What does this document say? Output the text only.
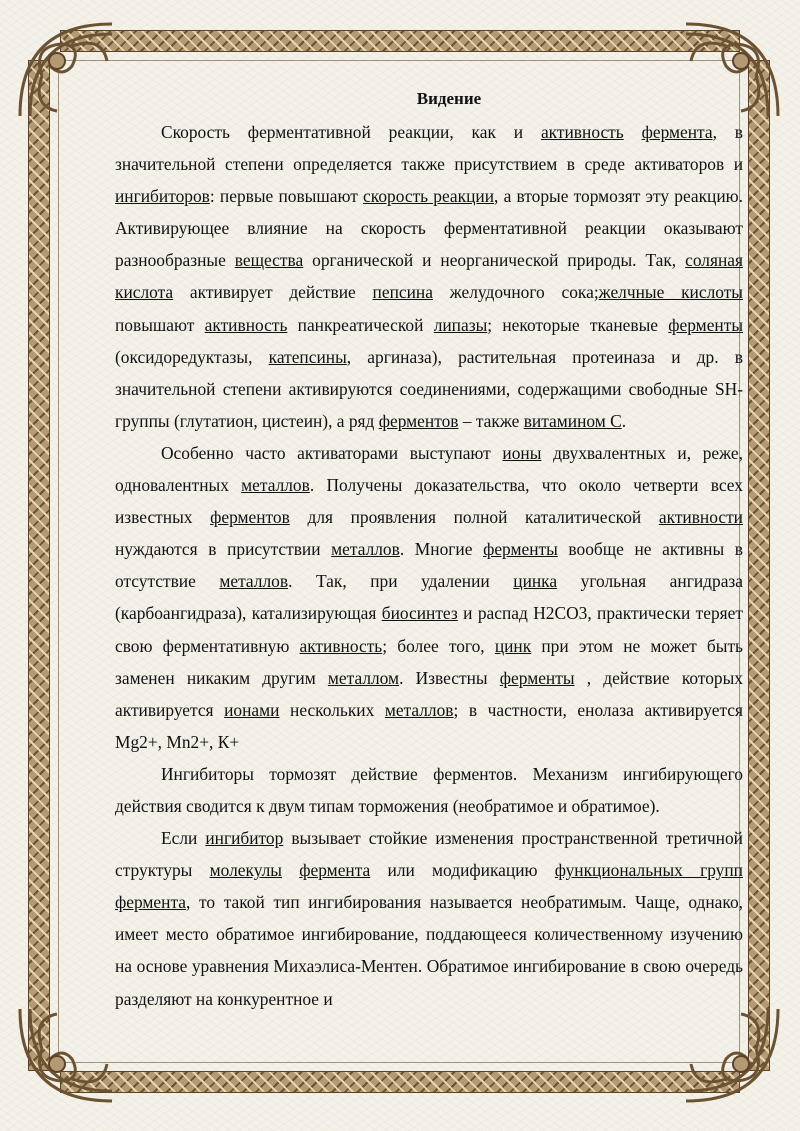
Видение

Скорость ферментативной реакции, как и активность фермента, в значительной степени определяется также присутствием в среде активаторов и ингибиторов: первые повышают скорость реакции, а вторые тормозят эту реакцию. Активирующее влияние на скорость ферментативной реакции оказывают разнообразные вещества органической и неорганической природы. Так, соляная кислота активирует действие пепсина желудочного сока;желчные кислоты повышают активность панкреатической липазы; некоторые тканевые ферменты (оксидоредуктазы, катепсины, аргиназа), растительная протеиназа и др. в значительной степени активируются соединениями, содержащими свободные SH-группы (глутатион, цистеин), а ряд ферментов – также витамином С.

Особенно часто активаторами выступают ионы двухвалентных и, реже, одновалентных металлов. Получены доказательства, что около четверти всех известных ферментов для проявления полной каталитической активности нуждаются в присутствии металлов. Многие ферменты вообще не активны в отсутствие металлов. Так, при удалении цинка угольная ангидраза (карбоангидраза), катализирующая биосинтез и распад Н2СО3, практически теряет свою ферментативную активность; более того, цинк при этом не может быть заменен никаким другим металлом. Известны ферменты , действие которых активируется ионами нескольких металлов; в частности, енолаза активируется Mg2+, Mn2+, К+

Ингибиторы тормозят действие ферментов. Механизм ингибирующего действия сводится к двум типам торможения (необратимое и обратимое).

Если ингибитор вызывает стойкие изменения пространственной третичной структуры молекулы фермента или модификацию функциональных групп фермента, то такой тип ингибирования называется необратимым. Чаще, однако, имеет место обратимое ингибирование, поддающееся количественному изучению на основе уравнения Михаэлиса-Ментен. Обратимое ингибирование в свою очередь разделяют на конкурентное и
